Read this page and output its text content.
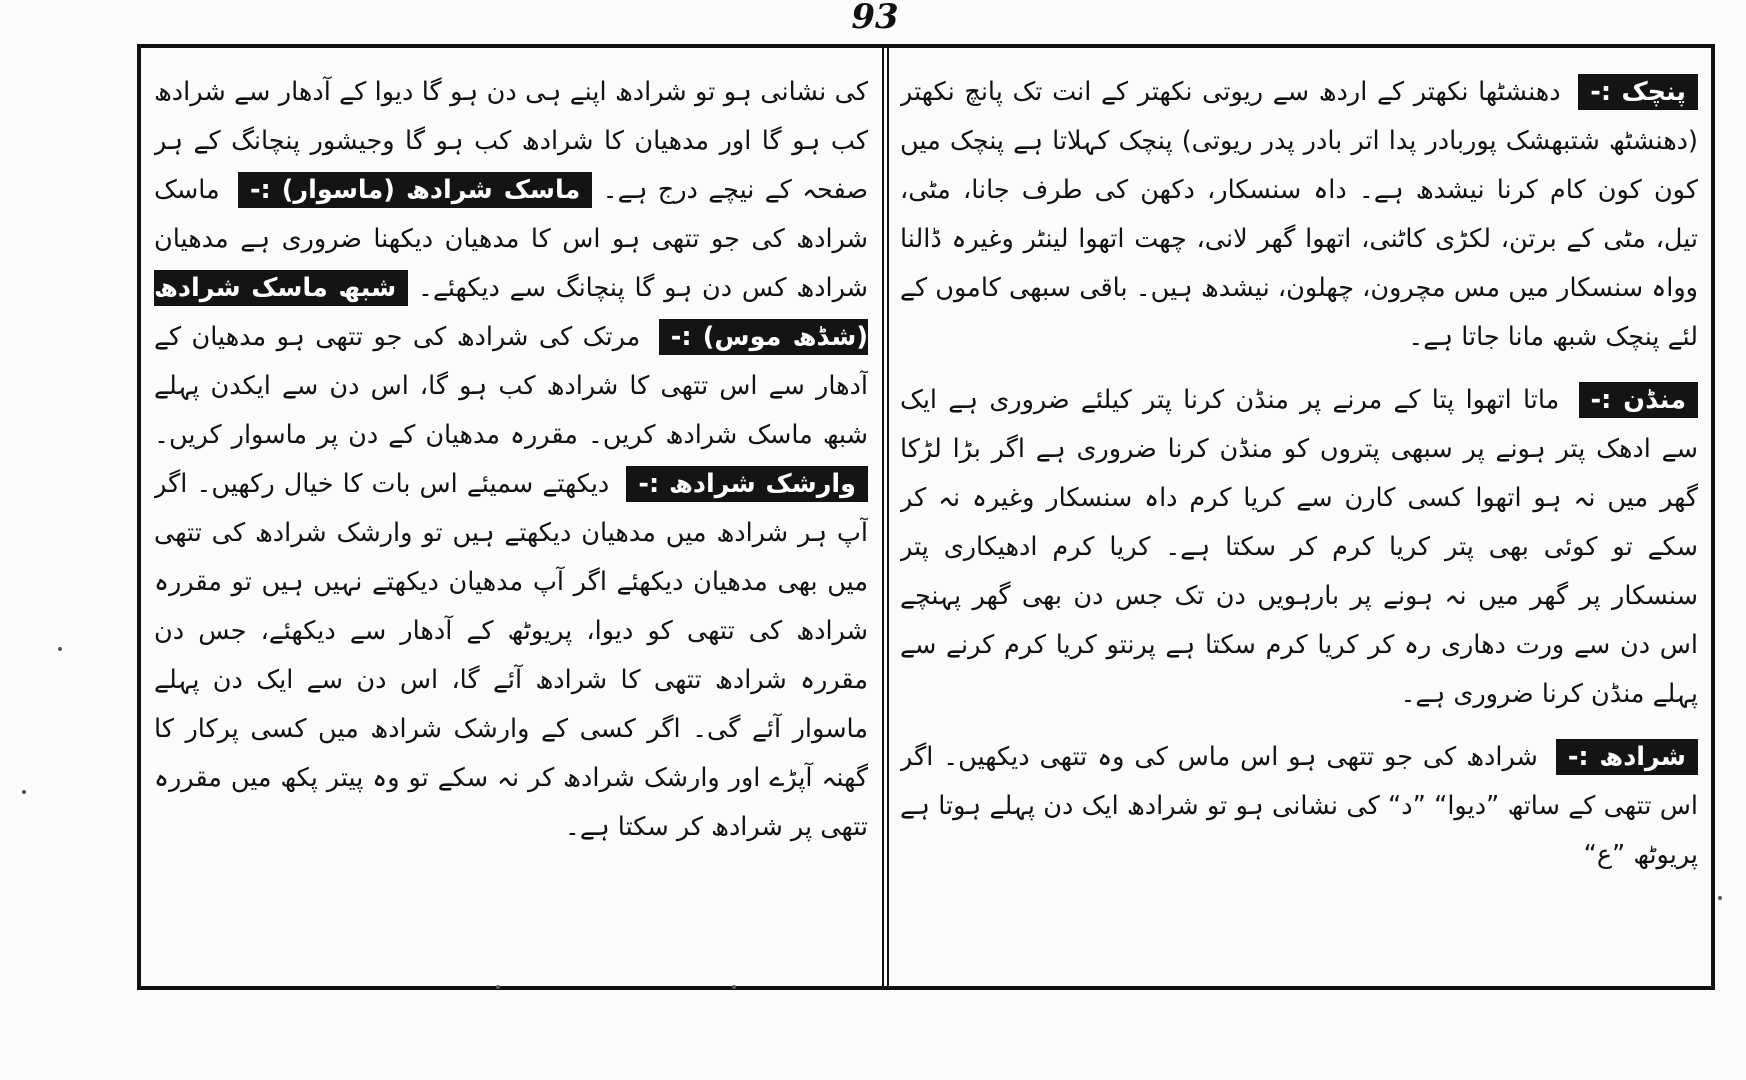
93

پنچک :- دھنشٹھا نکھتر کے اردھ سے ریوتی نکھتر کے انت تک پانچ نکھتر (دھنشٹھ شتبھشک پوربادر پدا اتر بادر پدر ریوتی) پنچک کہلاتا ہے پنچک میں کون کون کام کرنا نیشدھ ہے۔ داہ سنسکار، دکھن کی طرف جانا، مٹی، تیل، مٹی کے برتن، لکڑی کاٹنی، اتھوا گھر لانی، چھت اتھوا لینٹر وغیرہ ڈالنا وواہ سنسکار میں مس مچرون، چھلون، نیشدھ ہیں۔ باقی سبھی کاموں کے لئے پنچک شبھ مانا جاتا ہے۔

منڈن :- ماتا اتھوا پتا کے مرنے پر منڈن کرنا پتر کیلئے ضروری ہے ایک سے ادھک پتر ہونے پر سبھی پتروں کو منڈن کرنا ضروری ہے اگر بڑا لڑکا گھر میں نہ ہو اتھوا کسی کارن سے کریا کرم داہ سنسکار وغیرہ نہ کر سکے تو کوئی بھی پتر کریا کرم کر سکتا ہے۔ کریا کرم ادھیکاری پتر سنسکار پر گھر میں نہ ہونے پر بارہویں دن تک جس دن بھی گھر پہنچے اس دن سے ورت دھاری رہ کر کریا کرم سکتا ہے پرنتو کریا کرم کرنے سے پہلے منڈن کرنا ضروری ہے۔

شرادھ :- شرادھ کی جو تتھی ہو اس ماس کی وہ تتھی دیکھیں۔ اگر اس تتھی کے ساتھ ”دیوا“ ”د“ کی نشانی ہو تو شرادھ ایک دن پہلے ہوتا ہے پریوٹھ ”ع“

کی نشانی ہو تو شرادھ اپنے ہی دن ہو گا دیوا کے آدھار سے شرادھ کب ہو گا اور مدھیان کا شرادھ کب ہو گا وجیشور پنچانگ کے ہر صفحہ کے نیچے درج ہے۔ ماسک شرادھ (ماسوار) :- ماسک شرادھ کی جو تتھی ہو اس کا مدھیان دیکھنا ضروری ہے مدھیان شرادھ کس دن ہو گا پنچانگ سے دیکھئے۔ شبھ ماسک شرادھ (شڈھ موس) :- مرتک کی شرادھ کی جو تتھی ہو مدھیان کے آدھار سے اس تتھی کا شرادھ کب ہو گا، اس دن سے ایکدن پہلے شبھ ماسک شرادھ کریں۔ مقررہ مدھیان کے دن پر ماسوار کریں۔ وارشک شرادھ :- دیکھتے سمیئے اس بات کا خیال رکھیں۔ اگر آپ ہر شرادھ میں مدھیان دیکھتے ہیں تو وارشک شرادھ کی تتھی میں بھی مدھیان دیکھئے اگر آپ مدھیان دیکھتے نہیں ہیں تو مقررہ شرادھ کی تتھی کو دیوا، پریوٹھ کے آدھار سے دیکھئے، جس دن مقررہ شرادھ تتھی کا شرادھ آئے گا، اس دن سے ایک دن پہلے ماسوار آئے گی۔ اگر کسی کے وارشک شرادھ میں کسی پرکار کا گھنہ آپڑے اور وارشک شرادھ کر نہ سکے تو وہ پیتر پکھ میں مقررہ تتھی پر شرادھ کر سکتا ہے۔
